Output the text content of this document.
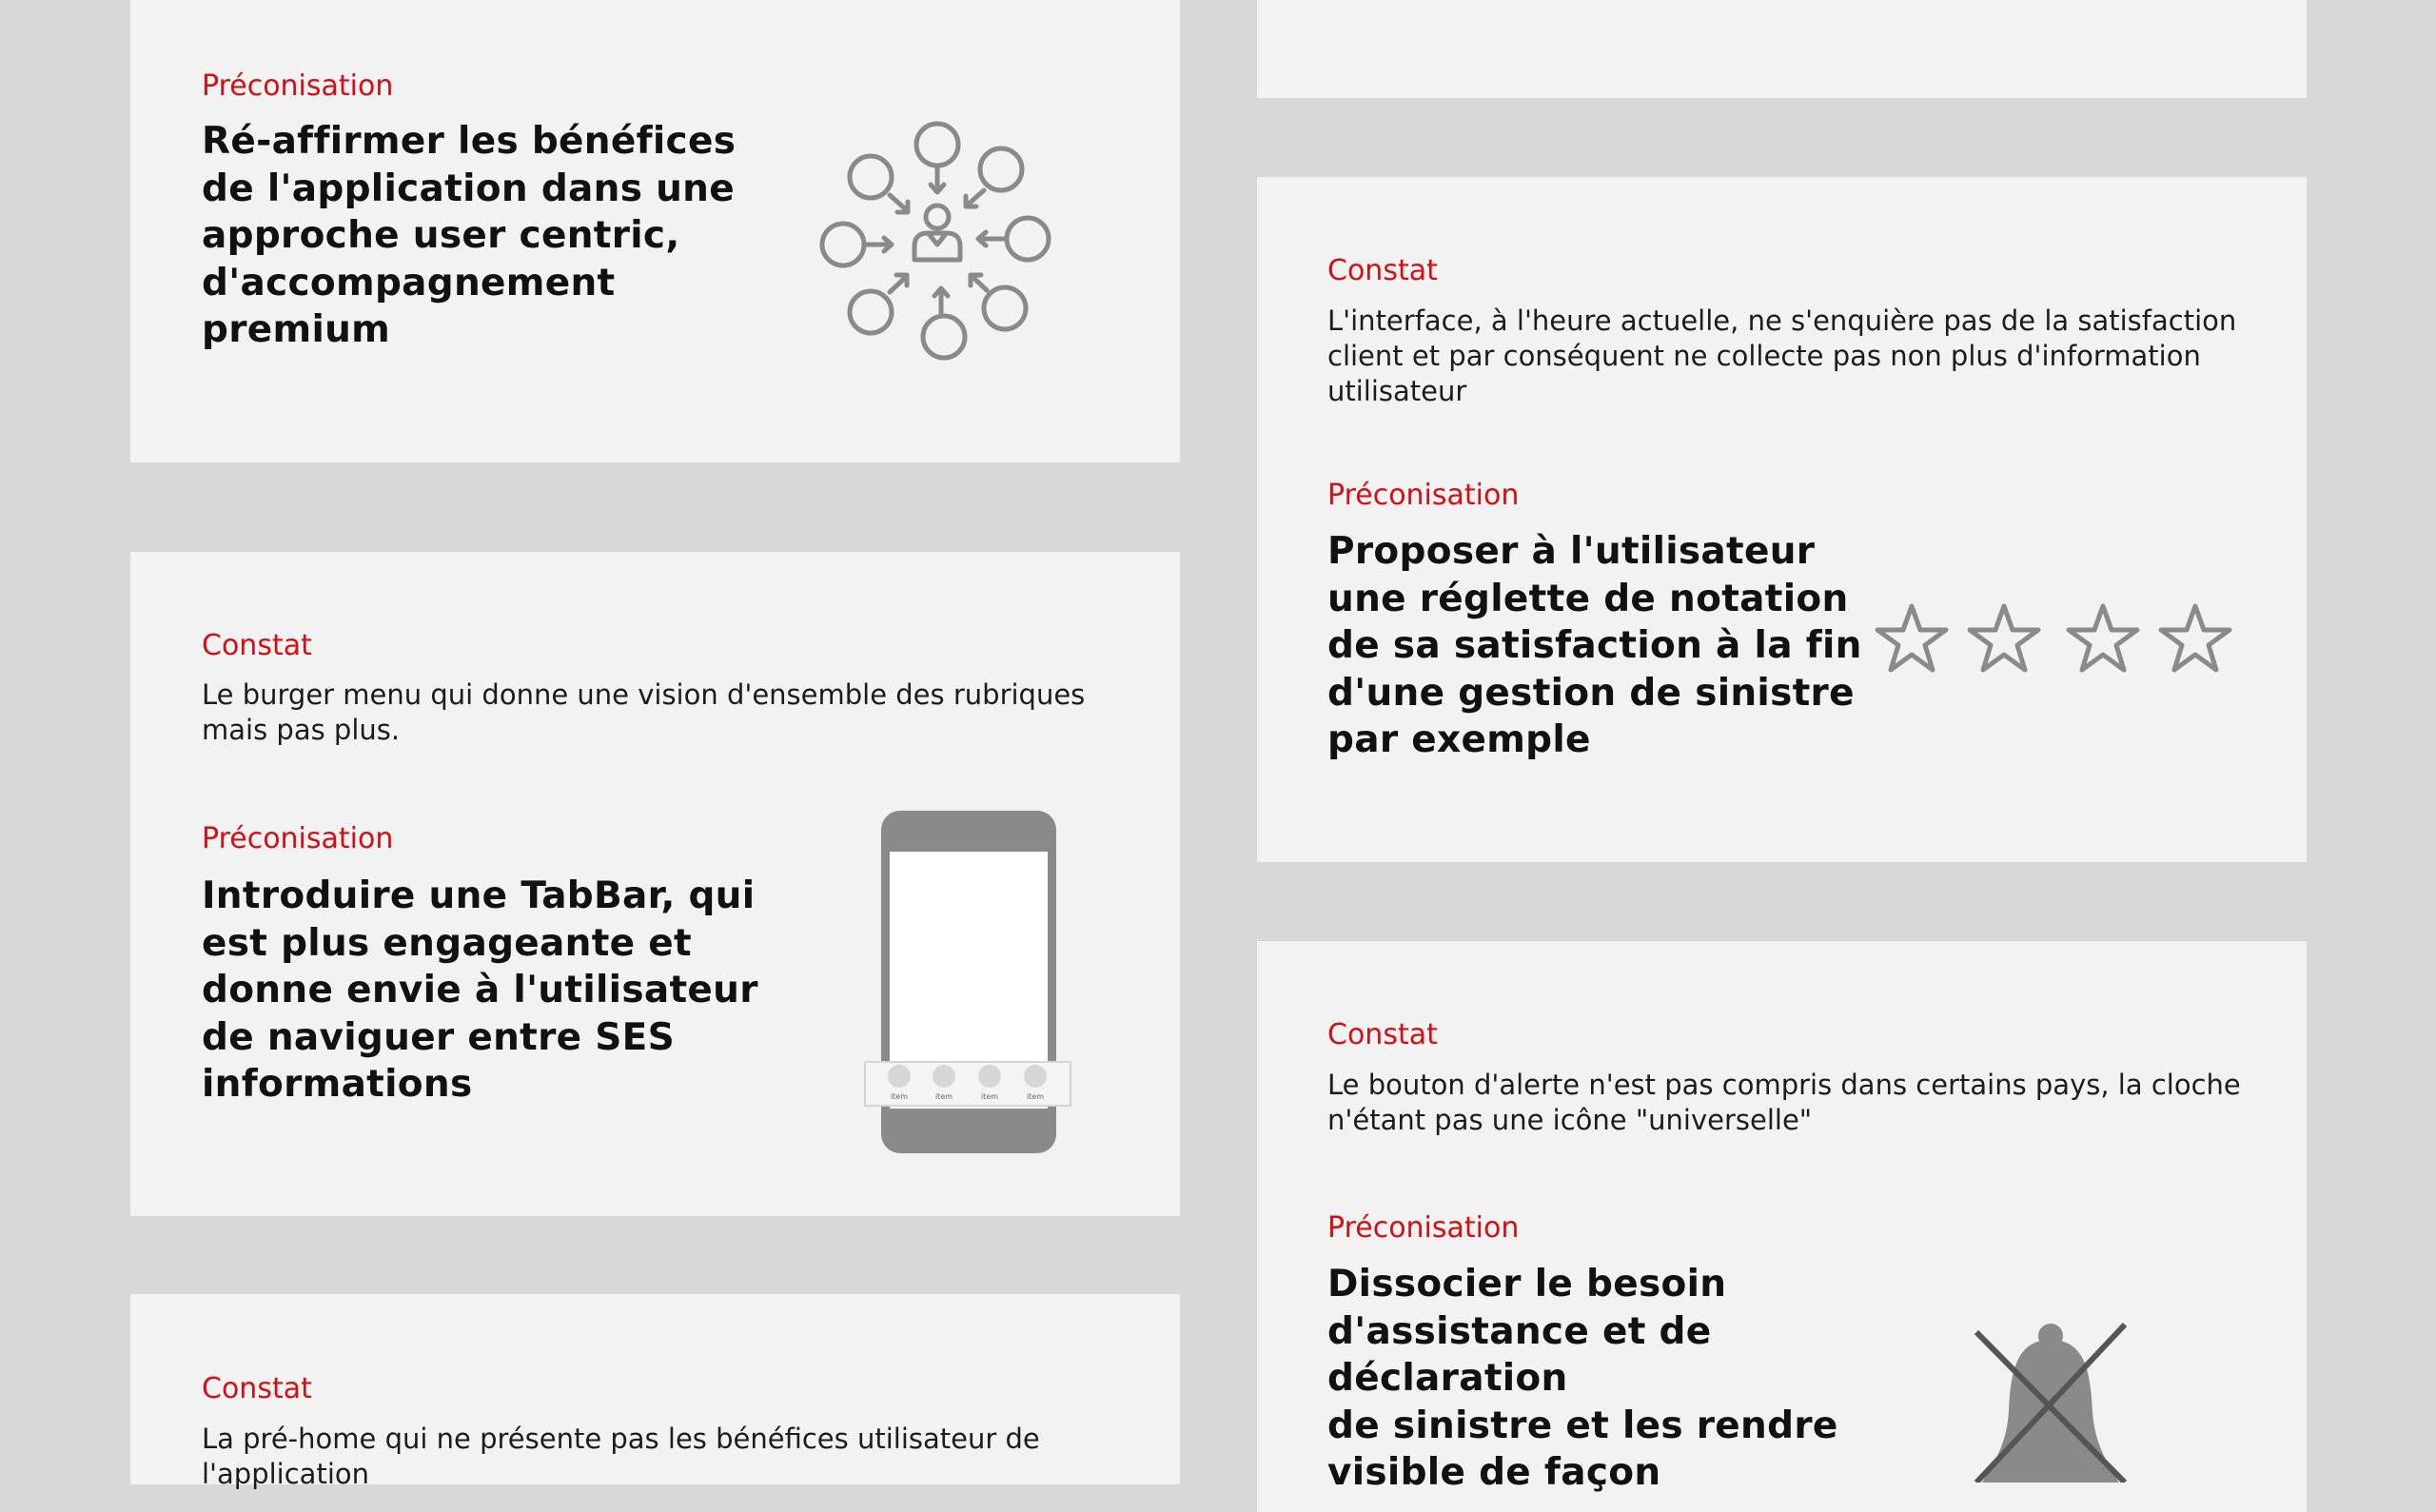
Préconisation
Ré-affirmer les bénéfices
de l'application dans une
approche user centric,
d'accompagnement
premium
Constat
Le burger menu qui donne une vision d'ensemble des rubriques
mais pas plus.
Préconisation
Introduire une TabBar, qui
est plus engageante et
donne envie à l'utilisateur
de naviguer entre SES
informations	item	item	item	item
Constat
La pré-home qui ne présente pas les bénéfices utilisateur de
l'application
Constat
L'interface, à l'heure actuelle, ne s'enquière pas de la satisfaction
client et par conséquent ne collecte pas non plus d'information
utilisateur
Préconisation
Proposer à l'utilisateur
une réglette de notation
de sa satisfaction à la fin
d'une gestion de sinistre
par exemple
Constat
Le bouton d'alerte n'est pas compris dans certains pays, la cloche
n'étant pas une icône "universelle"
Préconisation
Dissocier le besoin
d'assistance et de
déclaration
de sinistre et les rendre
visible de façon
